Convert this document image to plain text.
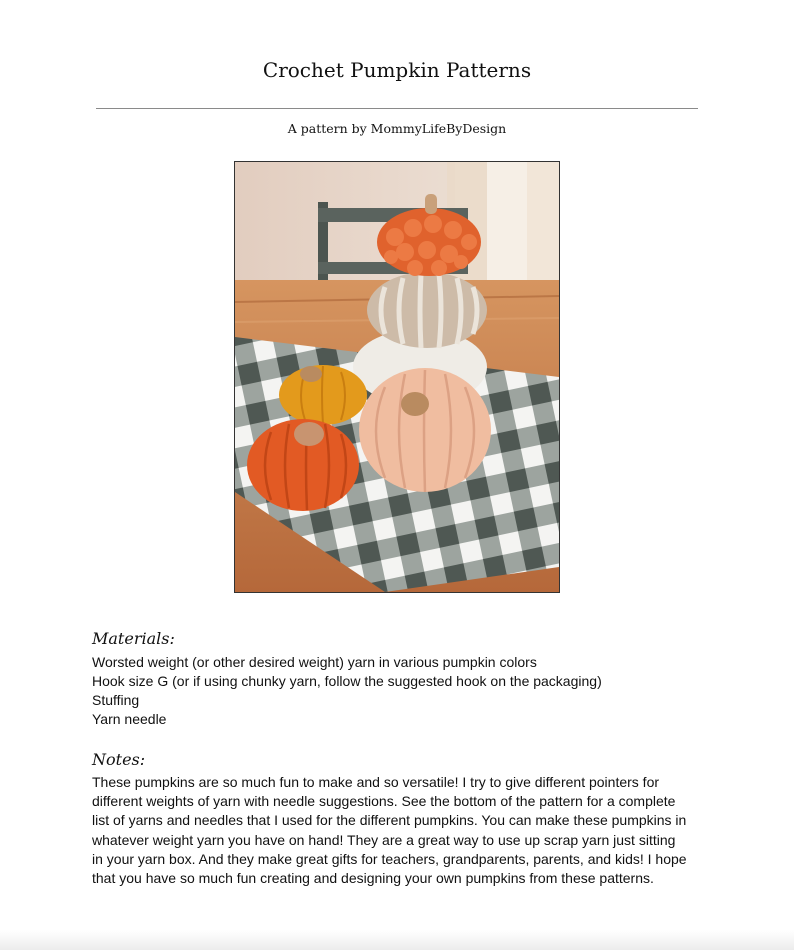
Crochet Pumpkin Patterns
A pattern by MommyLifeByDesign
Materials:
Worsted weight (or other desired weight) yarn in various pumpkin colors
Hook size G (or if using chunky yarn, follow the suggested hook on the packaging)
Stuffing
Yarn needle
Notes:

These pumpkins are so much fun to make and so versatile! I try to give different pointers for
different weights of yarn with needle suggestions. See the bottom of the pattern for a complete
list of yarns and needles that I used for the different pumpkins. You can make these pumpkins in
whatever weight yarn you have on hand! They are a great way to use up scrap yarn just sitting
in your yarn box. And they make great gifts for teachers, grandparents, parents, and kids! I hope
that you have so much fun creating and designing your own pumpkins from these patterns.
